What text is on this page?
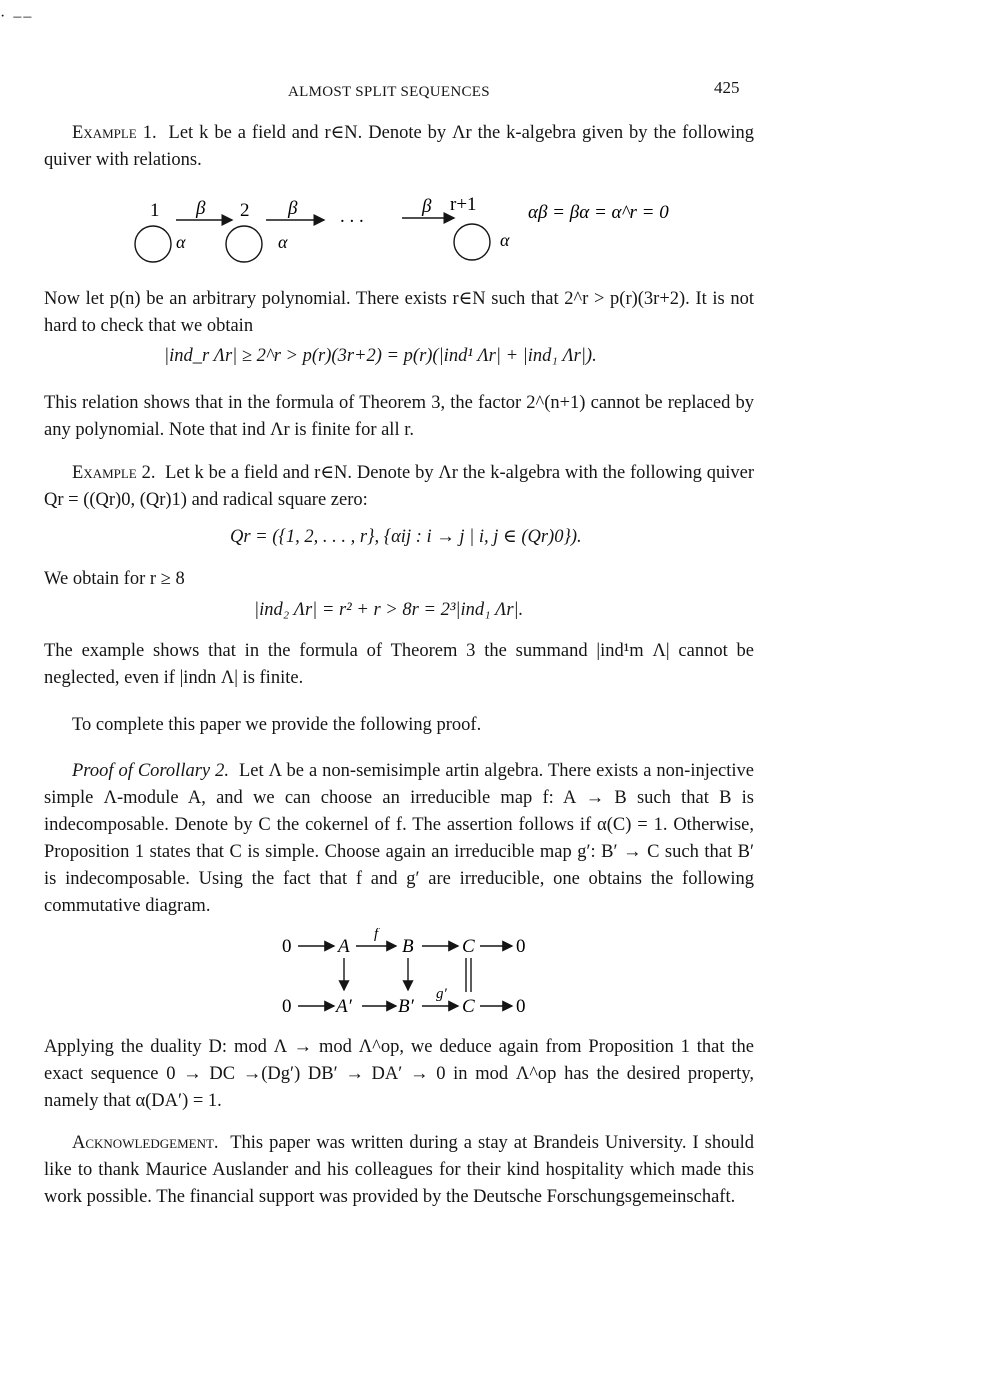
· ‒‒
ALMOST SPLIT SEQUENCES	425
Example 1. Let k be a field and r∈N. Denote by Λr the k-algebra given by the following quiver with relations.
1	2	r+1
β	β . . .	β
α	α	α
αβ = βα = α^r = 0
Now let p(n) be an arbitrary polynomial. There exists r∈N such that 2^r > p(r)(3r+2). It is not hard to check that we obtain
|ind_r Λr| ≥ 2^r > p(r)(3r+2) = p(r)(|ind¹ Λr| + |ind₁ Λr|).
This relation shows that in the formula of Theorem 3, the factor 2^(n+1) cannot be replaced by any polynomial. Note that ind Λr is finite for all r.
Example 2. Let k be a field and r∈N. Denote by Λr the k-algebra with the following quiver Qr = ((Qr)0, (Qr)1) and radical square zero:
Qr = ({1, 2, . . . , r}, {αij : i → j | i, j ∈ (Qr)0}).
We obtain for r ≥ 8
|ind₂ Λr| = r² + r > 8r = 2³|ind₁ Λr|.
The example shows that in the formula of Theorem 3 the summand |ind¹m Λ| cannot be neglected, even if |indn Λ| is finite.
To complete this paper we provide the following proof.
Proof of Corollary 2. Let Λ be a non-semisimple artin algebra. There exists a non-injective simple Λ-module A, and we can choose an irreducible map f: A → B such that B is indecomposable. Denote by C the cokernel of f. The assertion follows if α(C) = 1. Otherwise, Proposition 1 states that C is simple. Choose again an irreducible map g′: B′ → C such that B′ is indecomposable. Using the fact that f and g′ are irreducible, one obtains the following commutative diagram.
0 A
f
B	C 0
0 A′ B′
g′
C 0
Applying the duality D: mod Λ → mod Λ^op, we deduce again from Proposition 1 that the exact sequence 0 → DC →(Dg′) DB′ → DA′ → 0 in mod Λ^op has the desired property, namely that α(DA′) = 1.
Acknowledgement. This paper was written during a stay at Brandeis University. I should like to thank Maurice Auslander and his colleagues for their kind hospitality which made this work possible. The financial support was provided by the Deutsche Forschungsgemeinschaft.
